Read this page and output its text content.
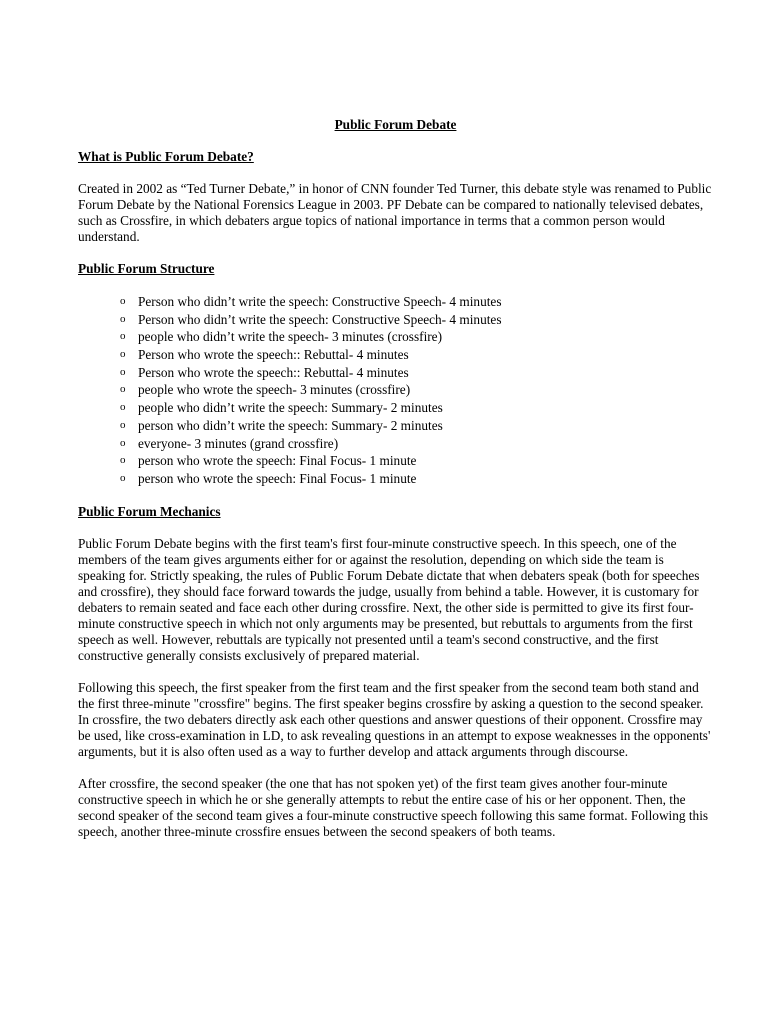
Public Forum Debate
What is Public Forum Debate?

Created in 2002 as “Ted Turner Debate,” in honor of CNN founder Ted Turner, this debate style was renamed to Public Forum Debate by the National Forensics League in 2003. PF Debate can be compared to nationally televised debates, such as Crossfire, in which debaters argue topics of national importance in terms that a common person would understand.

Public Forum Structure
o Person who didn’t write the speech: Constructive Speech- 4 minutes
o Person who didn’t write the speech: Constructive Speech- 4 minutes
o people who didn’t write the speech- 3 minutes (crossfire)
o Person who wrote the speech:: Rebuttal- 4 minutes
o Person who wrote the speech:: Rebuttal- 4 minutes
o people who wrote the speech- 3 minutes (crossfire)
o people who didn’t write the speech: Summary- 2 minutes
o person who didn’t write the speech: Summary- 2 minutes
o everyone- 3 minutes (grand crossfire)
o person who wrote the speech: Final Focus- 1 minute
o person who wrote the speech: Final Focus- 1 minute
Public Forum Mechanics

Public Forum Debate begins with the first team's first four-minute constructive speech. In this speech, one of the members of the team gives arguments either for or against the resolution, depending on which side the team is speaking for. Strictly speaking, the rules of Public Forum Debate dictate that when debaters speak (both for speeches and crossfire), they should face forward towards the judge, usually from behind a table. However, it is customary for debaters to remain seated and face each other during crossfire. Next, the other side is permitted to give its first four-minute constructive speech in which not only arguments may be presented, but rebuttals to arguments from the first speech as well. However, rebuttals are typically not presented until a team's second constructive, and the first constructive generally consists exclusively of prepared material.

Following this speech, the first speaker from the first team and the first speaker from the second team both stand and the first three-minute "crossfire" begins. The first speaker begins crossfire by asking a question to the second speaker. In crossfire, the two debaters directly ask each other questions and answer questions of their opponent. Crossfire may be used, like cross-examination in LD, to ask revealing questions in an attempt to expose weaknesses in the opponents' arguments, but it is also often used as a way to further develop and attack arguments through discourse.

After crossfire, the second speaker (the one that has not spoken yet) of the first team gives another four-minute constructive speech in which he or she generally attempts to rebut the entire case of his or her opponent. Then, the second speaker of the second team gives a four-minute constructive speech following this same format. Following this speech, another three-minute crossfire ensues between the second speakers of both teams.
